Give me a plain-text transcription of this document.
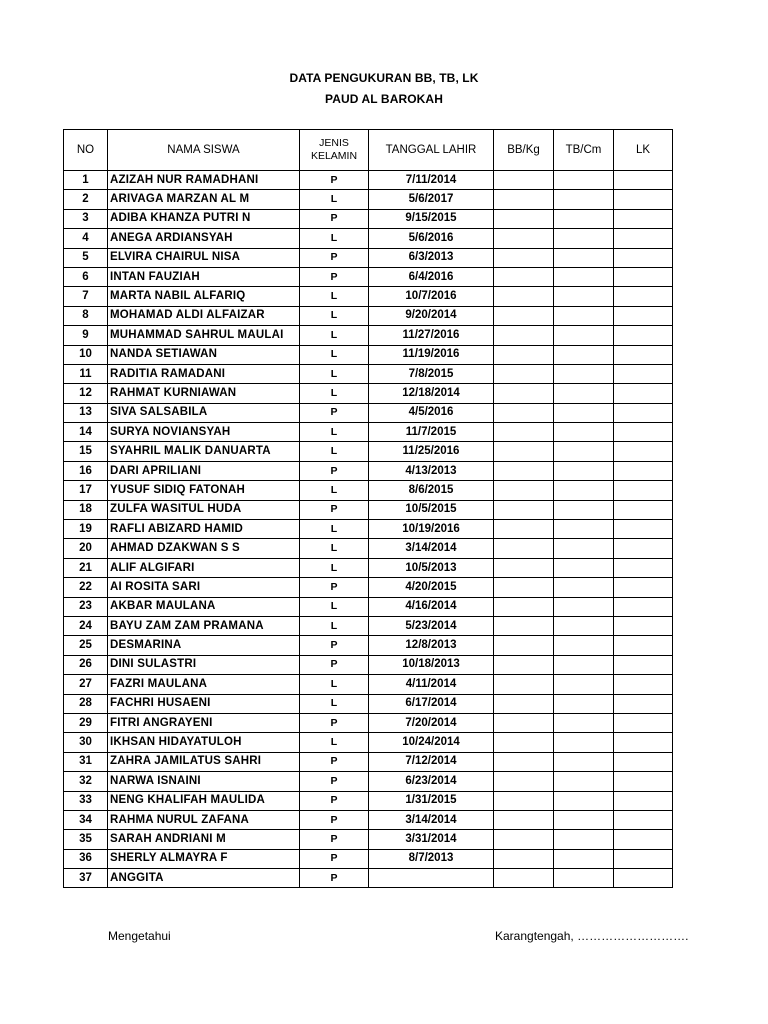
DATA PENGUKURAN BB, TB, LK
PAUD AL BAROKAH
NO	NAMA SISWA	JENIS KELAMIN	TANGGAL LAHIR	BB/Kg	TB/Cm	LK
1	AZIZAH NUR RAMADHANI	P	7/11/2014			
2	ARIVAGA MARZAN AL M	L	5/6/2017			
3	ADIBA KHANZA PUTRI N	P	9/15/2015			
4	ANEGA ARDIANSYAH	L	5/6/2016			
5	ELVIRA CHAIRUL NISA	P	6/3/2013			
6	INTAN FAUZIAH	P	6/4/2016			
7	MARTA NABIL ALFARIQ	L	10/7/2016			
8	MOHAMAD ALDI ALFAIZAR	L	9/20/2014			
9	MUHAMMAD SAHRUL MAULAI	L	11/27/2016			
10	NANDA SETIAWAN	L	11/19/2016			
11	RADITIA RAMADANI	L	7/8/2015			
12	RAHMAT KURNIAWAN	L	12/18/2014			
13	SIVA SALSABILA	P	4/5/2016			
14	SURYA NOVIANSYAH	L	11/7/2015			
15	SYAHRIL MALIK DANUARTA	L	11/25/2016			
16	DARI APRILIANI	P	4/13/2013			
17	YUSUF SIDIQ FATONAH	L	8/6/2015			
18	ZULFA WASITUL HUDA	P	10/5/2015			
19	RAFLI ABIZARD HAMID	L	10/19/2016			
20	AHMAD DZAKWAN S S	L	3/14/2014			
21	ALIF ALGIFARI	L	10/5/2013			
22	AI ROSITA SARI	P	4/20/2015			
23	AKBAR MAULANA	L	4/16/2014			
24	BAYU ZAM ZAM PRAMANA	L	5/23/2014			
25	DESMARINA	P	12/8/2013			
26	DINI SULASTRI	P	10/18/2013			
27	FAZRI MAULANA	L	4/11/2014			
28	FACHRI HUSAENI	L	6/17/2014			
29	FITRI ANGRAYENI	P	7/20/2014			
30	IKHSAN HIDAYATULOH	L	10/24/2014			
31	ZAHRA JAMILATUS SAHRI	P	7/12/2014			
32	NARWA ISNAINI	P	6/23/2014			
33	NENG KHALIFAH MAULIDA	P	1/31/2015			
34	RAHMA NURUL ZAFANA	P	3/14/2014			
35	SARAH ANDRIANI M	P	3/31/2014			
36	SHERLY ALMAYRA F	P	8/7/2013			
37	ANGGITA	P				
Mengetahui	Karangtengah, ……………………….
